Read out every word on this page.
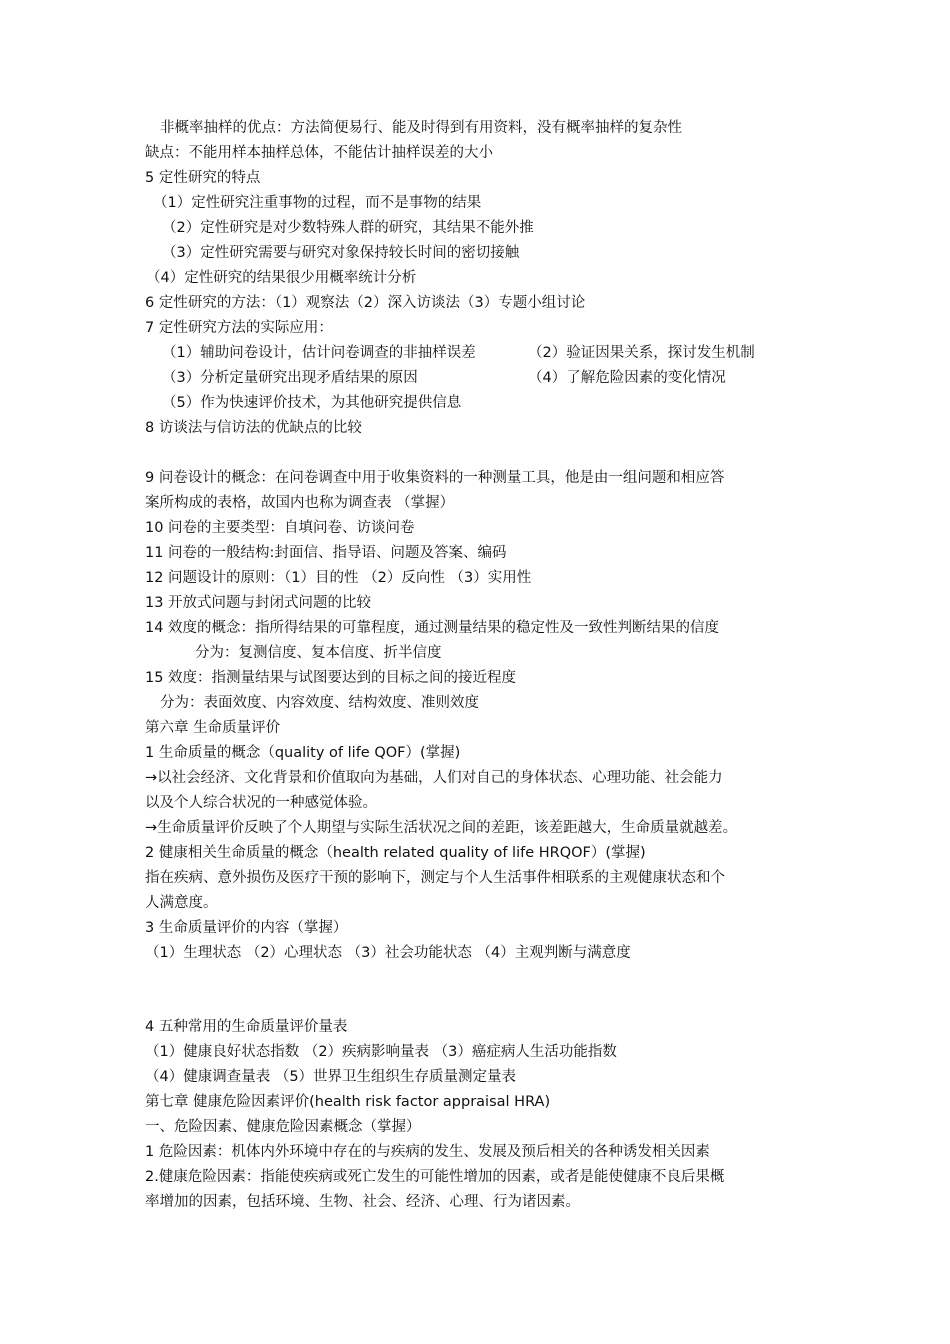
非概率抽样的优点：方法简便易行、能及时得到有用资料，没有概率抽样的复杂性
缺点：不能用样本抽样总体，不能估计抽样误差的大小
5 定性研究的特点
（1）定性研究注重事物的过程，而不是事物的结果
（2）定性研究是对少数特殊人群的研究，其结果不能外推
（3）定性研究需要与研究对象保持较长时间的密切接触
（4）定性研究的结果很少用概率统计分析
6 定性研究的方法：（1）观察法（2）深入访谈法（3）专题小组讨论
7 定性研究方法的实际应用：
（1）辅助问卷设计，估计问卷调查的非抽样误差	（2）验证因果关系，探讨发生机制
（3）分析定量研究出现矛盾结果的原因	（4）了解危险因素的变化情况
（5）作为快速评价技术，为其他研究提供信息
8 访谈法与信访法的优缺点的比较
9 问卷设计的概念：在问卷调查中用于收集资料的一种测量工具，他是由一组问题和相应答
案所构成的表格，故国内也称为调查表 （掌握）
10 问卷的主要类型：自填问卷、访谈问卷
11 问卷的一般结构:封面信、指导语、问题及答案、编码
12 问题设计的原则：（1）目的性 （2）反向性 （3）实用性
13 开放式问题与封闭式问题的比较
14 效度的概念：指所得结果的可靠程度，通过测量结果的稳定性及一致性判断结果的信度
分为：复测信度、复本信度、折半信度
15 效度：指测量结果与试图要达到的目标之间的接近程度
分为：表面效度、内容效度、结构效度、准则效度
第六章 生命质量评价
1 生命质量的概念（quality of life QOF）(掌握)
→以社会经济、文化背景和价值取向为基础，人们对自己的身体状态、心理功能、社会能力
以及个人综合状况的一种感觉体验。
→生命质量评价反映了个人期望与实际生活状况之间的差距，该差距越大，生命质量就越差。
2 健康相关生命质量的概念（health related quality of life HRQOF）(掌握)
指在疾病、意外损伤及医疗干预的影响下，测定与个人生活事件相联系的主观健康状态和个
人满意度。
3 生命质量评价的内容（掌握）
（1）生理状态 （2）心理状态 （3）社会功能状态 （4）主观判断与满意度
4 五种常用的生命质量评价量表
（1）健康良好状态指数 （2）疾病影响量表 （3）癌症病人生活功能指数
（4）健康调查量表 （5）世界卫生组织生存质量测定量表
第七章 健康危险因素评价(health risk factor appraisal HRA)
一、危险因素、健康危险因素概念（掌握）
1 危险因素：机体内外环境中存在的与疾病的发生、发展及预后相关的各种诱发相关因素
2.健康危险因素：指能使疾病或死亡发生的可能性增加的因素，或者是能使健康不良后果概
率增加的因素，包括环境、生物、社会、经济、心理、行为诸因素。
